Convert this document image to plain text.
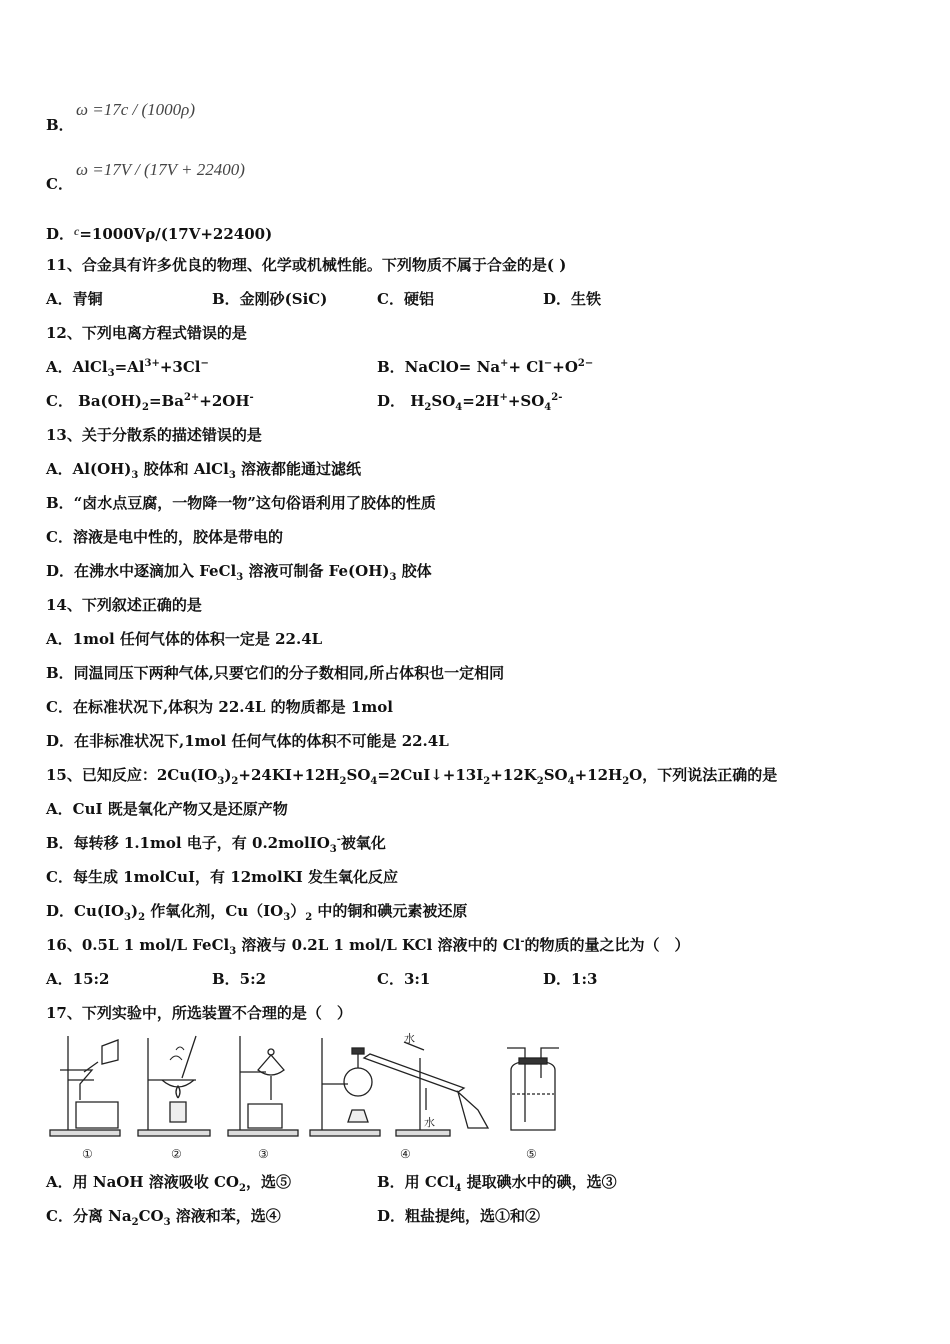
B．
ω =17c / (1000ρ)
C．
ω =17V / (17V + 22400)
D．$^c$=1000Vρ/(17V+22400)
11、合金具有许多优良的物理、化学或机械性能。下列物质不属于合金的是( )
A．青铜	B．金刚砂(SiC)	C．硬铝	D．生铁
12、下列电离方程式错误的是
A．$AlCl_3=Al^{3+}+3Cl^-$	B．NaClO= $Na^++ Cl^-+O^{2-}$
C． $Ba(OH)_2=Ba^{2+}+2OH^-$	D． $H_2SO_4=2H^++SO_4^{2-}$
13、关于分散系的描述错误的是
A．$Al(OH)_3$ 胶体和 AlCl$_3$ 溶液都能通过滤纸
B．“卤水点豆腐，一物降一物”这句俗语利用了胶体的性质
C．溶液是电中性的，胶体是带电的
D．在沸水中逐滴加入 FeCl$_3$ 溶液可制备 $Fe(OH)_3$ 胶体
14、下列叙述正确的是
A．1mol 任何气体的体积一定是 22.4L
B．同温同压下两种气体,只要它们的分子数相同,所占体积也一定相同
C．在标准状况下,体积为 22.4L 的物质都是 1mol
D．在非标准状况下,1mol 任何气体的体积不可能是 22.4L
15、已知反应：$2Cu(IO_3)_2+24KI+12H_2SO_4=2CuI↓+13I_2+12K_2SO_4+12H_2O$，下列说法正确的是
A．CuI 既是氧化产物又是还原产物
B．每转移 1.1mol 电子，有 0.2molIO$_3$-被氧化
C．每生成 1molCuI，有 12molKI 发生氧化反应
D．$Cu(IO_3)_2$ 作氧化剂，$Cu(IO_3)_2$ 中的铜和碘元素被还原
16、0.5L 1 mol/L FeCl$_3$ 溶液与 0.2L 1 mol/L KCl 溶液中的 Cl-的物质的量之比为（　）
A．15:2	B．5:2	C．3:1	D．1:3
17、下列实验中，所选装置不合理的是（　）
水
水
①	②	③	④	⑤
A．用 NaOH 溶液吸收 $CO_2$，选⑤	B．用 CCl$_4$ 提取碘水中的碘，选③
C．分离 $Na_2CO_3$ 溶液和苯，选④	D．粗盐提纯，选①和②
